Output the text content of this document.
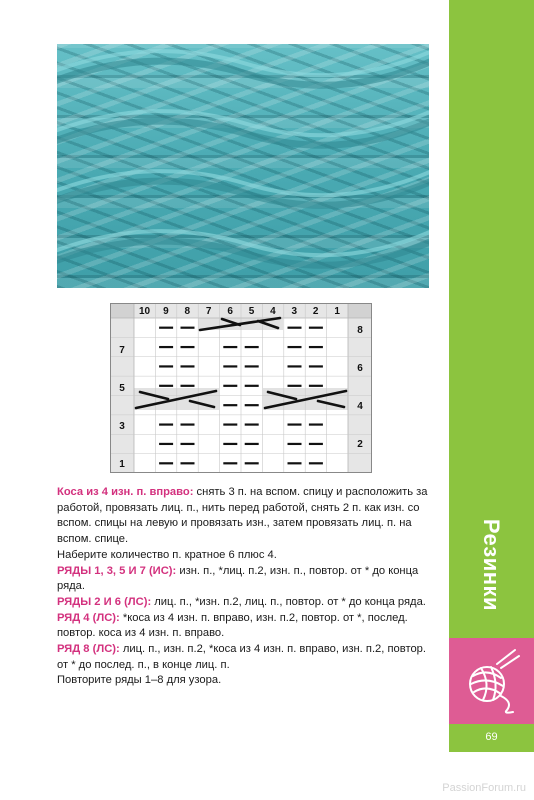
10 9 8 7 6 5 4 3 2 1
7
5
3
1
8
6
4
2

Коса из 4 изн. п. вправо: снять 3 п. на вспом. спицу и расположить за работой, провязать лиц. п., нить перед работой, снять 2 п. как изн. со вспом. спицы на левую и провязать изн., затем провязать лиц. п. на вспом. спице.

Наберите количество п. кратное 6 плюс 4.

РЯДЫ 1, 3, 5 И 7 (ИС): изн. п., *лиц. п.2, изн. п., повтор. от * до конца ряда.

РЯДЫ 2 И 6 (ЛС): лиц. п., *изн. п.2, лиц. п., повтор. от * до конца ряда.

РЯД 4 (ЛС): *коса из 4 изн. п. вправо, изн. п.2, повтор. от *, послед. повтор. коса из 4 изн. п. вправо.

РЯД 8 (ЛС): лиц. п., изн. п.2, *коса из 4 изн. п. вправо, изн. п.2, повтор. от * до послед. п., в конце лиц. п.

Повторите ряды 1–8 для узора.

Резинки
69
PassionForum.ru
